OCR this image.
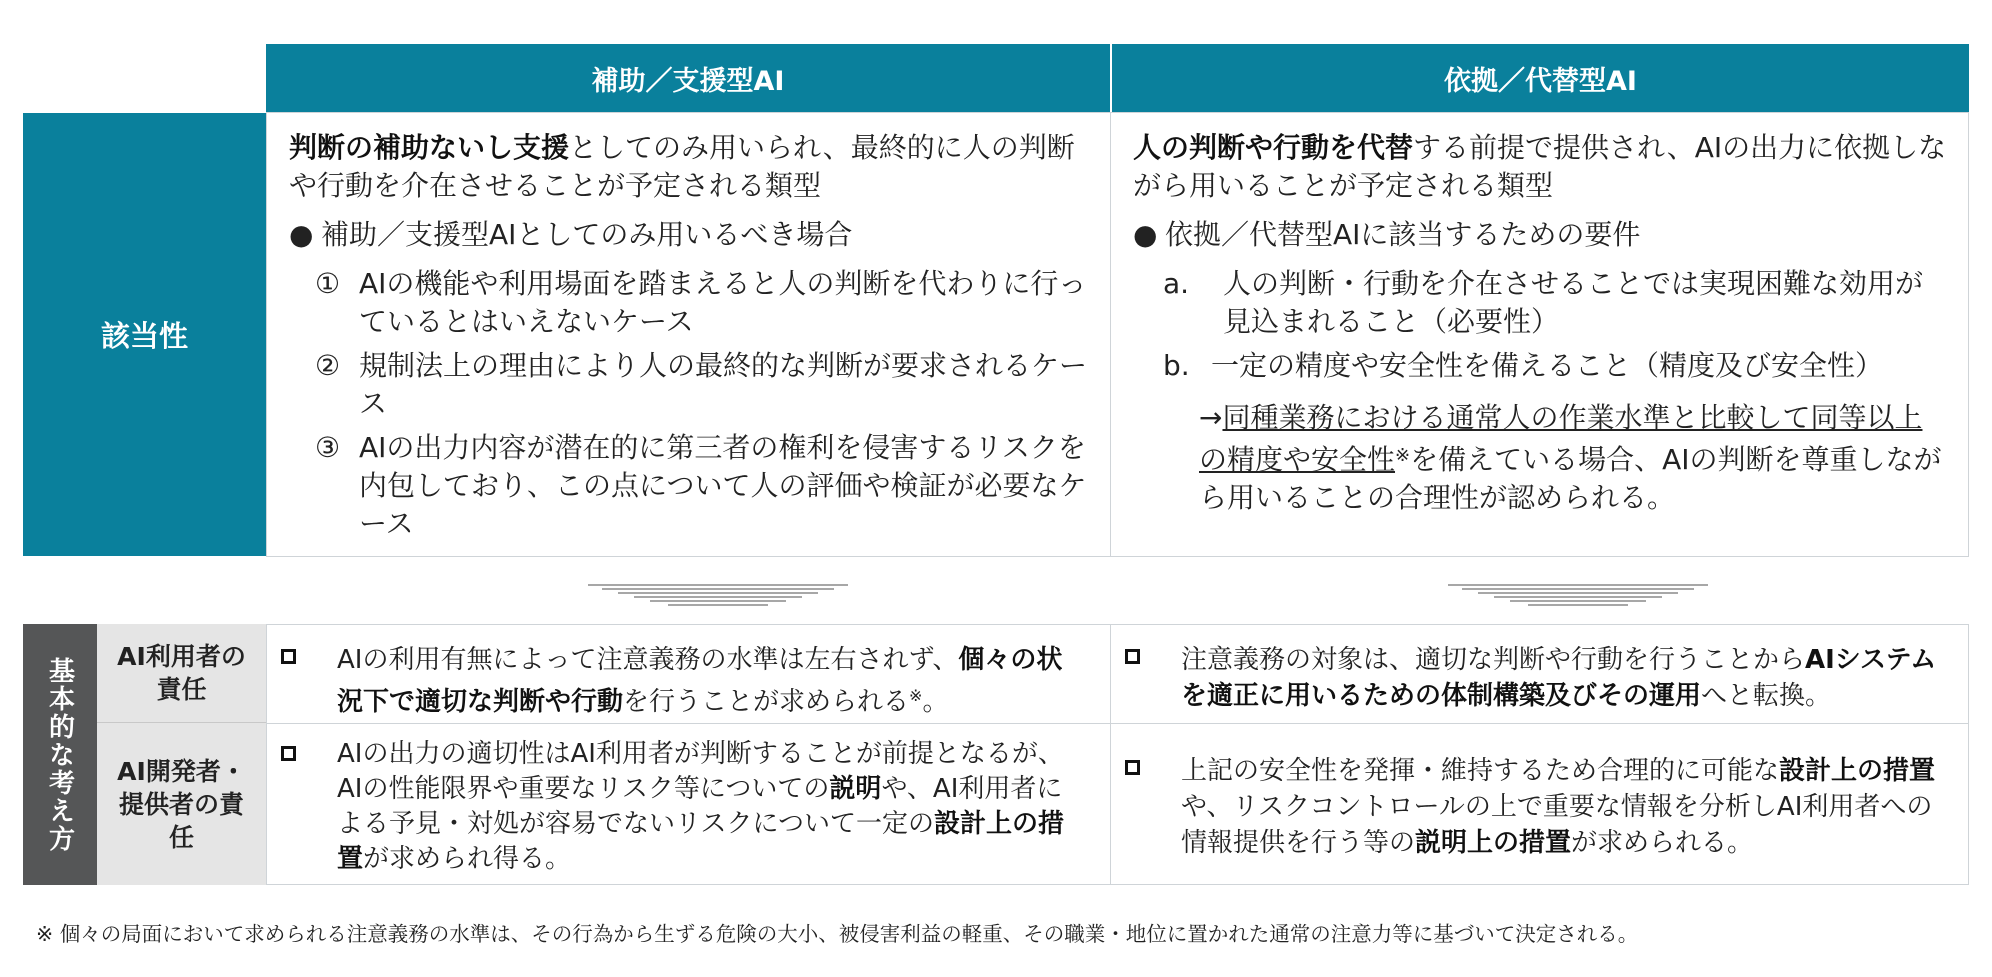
補助／支援型AI	依拠／代替型AI
該当性
判断の補助ないし支援としてのみ用いられ、最終的に人の判断や行動を介在させることが予定される類型
● 補助／支援型AIとしてのみ用いるべき場合
① AIの機能や利用場面を踏まえると人の判断を代わりに行っているとはいえないケース
② 規制法上の理由により人の最終的な判断が要求されるケース
③ AIの出力内容が潜在的に第三者の権利を侵害するリスクを内包しており、この点について人の評価や検証が必要なケース
人の判断や行動を代替する前提で提供され、AIの出力に依拠しながら用いることが予定される類型
● 依拠／代替型AIに該当するための要件
a.	人の判断・行動を介在させることでは実現困難な効用が見込まれること（必要性）
b. 一定の精度や安全性を備えること（精度及び安全性）
→同種業務における通常人の作業水準と比較して同等以上の精度や安全性※を備えている場合、AIの判断を尊重しながら用いることの合理性が認められる。
基本的な考え方 AI利用者の責任
AI開発者・提供者の責任
AIの利用有無によって注意義務の水準は左右されず、個々の状況下で適切な判断や行動を行うことが求められる※。
注意義務の対象は、適切な判断や行動を行うことからAIシステムを適正に用いるための体制構築及びその運用へと転換。
AIの出力の適切性はAI利用者が判断することが前提となるが、AIの性能限界や重要なリスク等についての説明や、AI利用者による予見・対処が容易でないリスクについて一定の設計上の措置が求められ得る。
上記の安全性を発揮・維持するため合理的に可能な設計上の措置や、リスクコントロールの上で重要な情報を分析しAI利用者への情報提供を行う等の説明上の措置が求められる。
※ 個々の局面において求められる注意義務の水準は、その行為から生ずる危険の大小、被侵害利益の軽重、その職業・地位に置かれた通常の注意力等に基づいて決定される。
